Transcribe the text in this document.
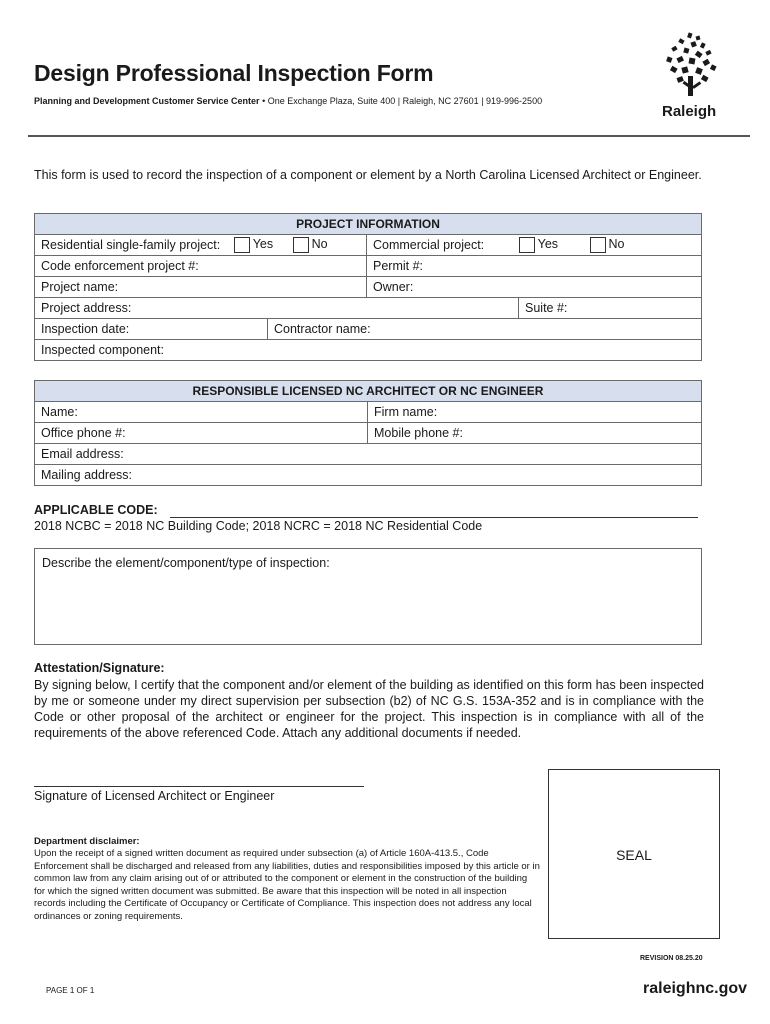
Design Professional Inspection Form
Planning and Development Customer Service Center • One Exchange Plaza, Suite 400 | Raleigh, NC 27601 | 919-996-2500
Raleigh
This form is used to record the inspection of a component or element by a North Carolina Licensed Architect or Engineer.
PROJECT INFORMATION			
Residential single-family project: Yes No		Commercial project: Yes No	
Code enforcement project #:		Permit #:	
Project name:		Owner:	
Project address:			Suite #:
Inspection date:	Contractor name:		
Inspected component:			
RESPONSIBLE LICENSED NC ARCHITECT OR NC ENGINEER	
Name:	Firm name:
Office phone #:	Mobile phone #:
Email address:	
Mailing address:	
APPLICABLE CODE:
2018 NCBC = 2018 NC Building Code; 2018 NCRC = 2018 NC Residential Code
Describe the element/component/type of inspection:
Attestation/Signature:
By signing below, I certify that the component and/or element of the building as identified on this form has been inspected by me or someone under my direct supervision per subsection (b2) of NC G.S. 153A-352 and is in compliance with the Code or other proposal of the architect or engineer for the project. This inspection is in compliance with all of the requirements of the above referenced Code. Attach any additional documents if needed.
Signature of Licensed Architect or Engineer
SEAL
Department disclaimer:
Upon the receipt of a signed written document as required under subsection (a) of Article 160A-413.5., Code Enforcement shall be discharged and released from any liabilities, duties and responsibilities imposed by this article or in common law from any claim arising out of or attributed to the component or element in the construction of the building for which the signed written document was submitted. Be aware that this inspection will be noted in all inspection records including the Certificate of Occupancy or Certificate of Compliance. This inspection does not address any local ordinances or zoning requirements.
REVISION 08.25.20
PAGE 1 OF 1	raleighnc.gov
